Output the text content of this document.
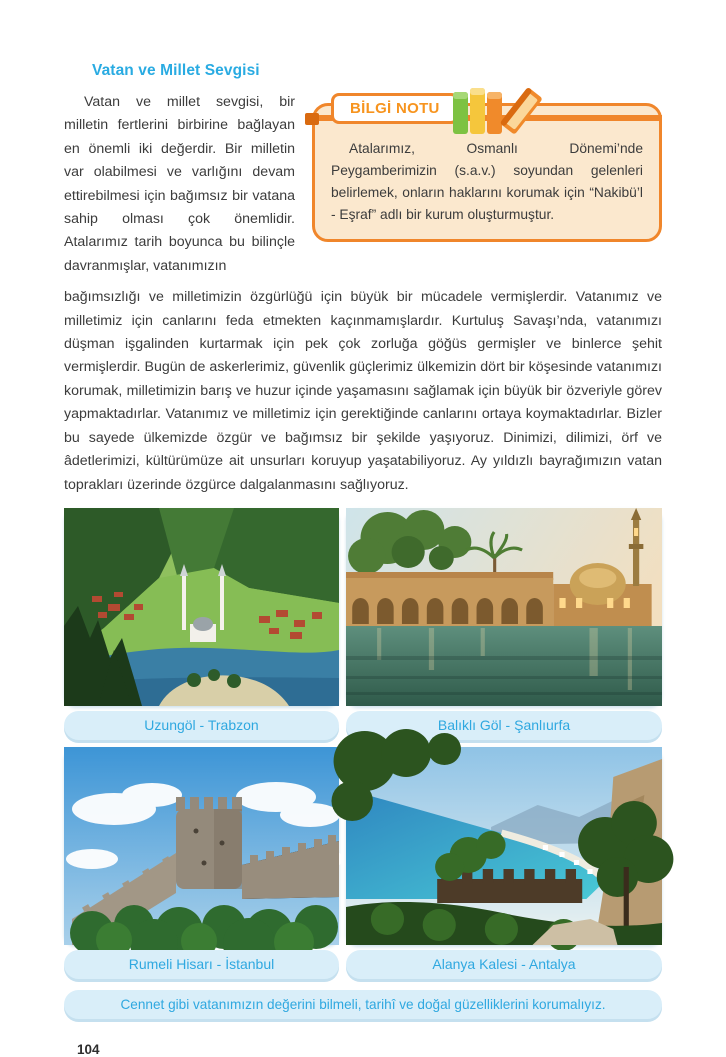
Vatan ve Millet Sevgisi

Vatan ve millet sevgisi, bir milletin fertlerini birbirine bağlayan en önemli iki değerdir. Bir milletin var olabilmesi ve varlığını devam ettirebilmesi için bağımsız bir vatana sahip olması çok önemlidir. Atalarımız tarih boyunca bu bilinçle davranmışlar, vatanımızın

BİLGİ NOTU

Atalarımız, Osmanlı Dönemi’nde Peygamberimizin (s.a.v.) soyundan gelenleri belirlemek, onların haklarını korumak için “Nakibü’l - Eşraf” adlı bir kurum oluşturmuştur.

bağımsızlığı ve milletimizin özgürlüğü için büyük bir mücadele vermişlerdir. Vatanımız ve milletimiz için canlarını feda etmekten kaçınmamışlardır. Kurtuluş Savaşı’nda, vatanımızı düşman işgalinden kurtarmak için pek çok zorluğa göğüs germişler ve binlerce şehit vermişlerdir. Bugün de askerlerimiz, güvenlik güçlerimiz ülkemizin dört bir köşesinde vatanımızı korumak, milletimizin barış ve huzur içinde yaşamasını sağlamak için büyük bir özveriyle görev yapmaktadırlar. Vatanımız ve milletimiz için gerektiğinde canlarını ortaya koymaktadırlar. Bizler bu sayede ülkemizde özgür ve bağımsız bir şekilde yaşıyoruz. Dinimizi, dilimizi, örf ve âdetlerimizi, kültürümüze ait unsurları koruyup yaşatabiliyoruz. Ay yıldızlı bayrağımızın vatan toprakları üzerinde özgürce dalgalanmasını sağlıyoruz.

Uzungöl - Trabzon	Balıklı Göl - Şanlıurfa
Rumeli Hisarı - İstanbul	Alanya Kalesi - Antalya
Cennet gibi vatanımızın değerini bilmeli, tarihî ve doğal güzelliklerini korumalıyız.
104
